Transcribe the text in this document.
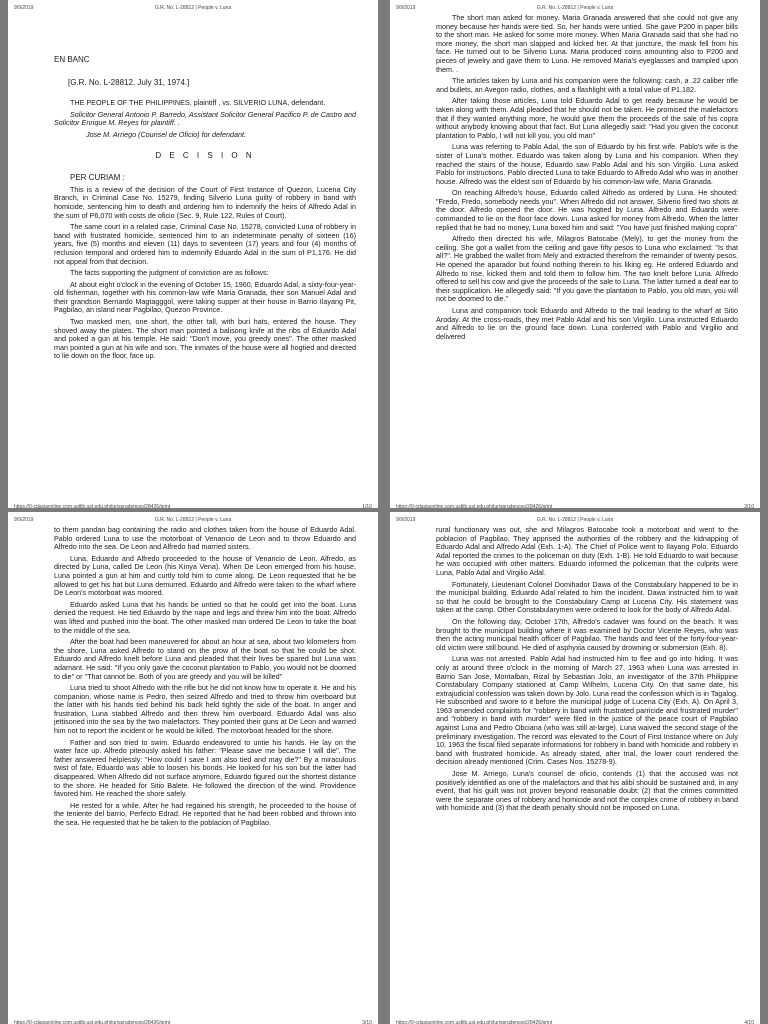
9/9/2019	G.R. No. L-28812 | People v. Luna
EN BANC
[G.R. No. L-28812. July 31, 1974.]

THE PEOPLE OF THE PHILIPPINES, plaintiff , vs. SILVERIO LUNA, defendant.

Solicitor General Antonio P. Barredo, Assistant Solicitor General Pacifico P. de Castro and Solicitor Enrique M. Reyes for plaintiff. .

Jose M. Arriego (Counsel de Oficio) for defendant.

D E C I S I O N

PER CURIAM :

This is a review of the decision of the Court of First Instance of Quezon, Lucena City Branch, in Criminal Case No. 15279, finding Silverio Luna guilty of robbery in band with homicide, sentencing him to death and ordering him to indemnify the heirs of Alfredo Adal in the sum of P6,070 with costs de oficio (Sec. 9, Rule 122, Rules of Court).

The same court in a related case, Criminal Case No. 15278, convicted Luna of robbery in band with frustrated homicide, sentenced him to an indeterminate penalty of sixteen (16) years, five (5) months and eleven (11) days to seventeen (17) years and four (4) months of reclusion temporal and ordered him to indemnify Eduardo Adal in the sum of P1,176. He did not appeal from that decision.

The facts supporting the judgment of conviction are as follows:

At about eight o'clock in the evening of October 15, 1960, Eduardo Adal, a sixty-four-year-old fisherman, together with his common-law wife Maria Granada, their son Manuel Adal and their grandson Bernardo Magtagggol, were taking supper at their house in Barrio Ilayang Pit, Pagbilao, an island near Pagbilao, Quezon Province.

Two masked men, one short, the other tall, with buri hats, entered the house. They shoved away the plates. The short man pointed a balisong knife at the ribs of Eduardo Adal and poked a gun at his temple. He said: "Don't move, you greedy ones". The other masked man pointed a gun at his wife and son. The inmates of the house were all hogtied and directed to lie down on the floor, face up.

https://0-cdasiaonline.com.ustlib.ust.edu.ph/jurisprudences/28426/print	1/10
9/9/2019	G.R. No. L-28812 | People v. Luna

The short man asked for money. Maria Granada answered that she could not give any money because her hands were tied. So, her hands were untied. She gave P200 in paper bills to the short man. He asked for some more money. When Maria Granada said that she had no more money, the short man slapped and kicked her. At that juncture, the mask fell from his face. He turned out to be Silverio Luna. Maria produced coins amounting also to P200 and pieces of jewelry and gave them to Luna. He removed Maria's eyeglasses and trampled upon them. .

The articles taken by Luna and his companion were the following: cash, a .22 caliber rifle and bullets, an Avegon radio, clothes, and a flashlight with a total value of P1,182.

After taking those articles, Luna told Eduardo Adal to get ready because he would be taken along with them. Adal pleaded that he should not be taken. He promised the malefactors that if they wanted anything more, he would give them the proceeds of the sale of his copra without anybody knowing about that fact. But Luna allegedly said: "Had you given the coconut plantation to Pablo, I will not kill you, you old man"

Luna was referring to Pablo Adal, the son of Eduardo by his first wife. Pablo's wife is the sister of Luna's mother. Eduardo was taken along by Luna and his companion. When they reached the stairs of the house, Eduardo saw Pablo Adal and his son Virgilio. Luna asked Pablo for instructions. Pablo directed Luna to take Eduardo to Alfredo Adal who was in another house. Alfredo was the eldest son of Eduardo by his common-law wife, Maria Granada.

On reaching Alfredo's house, Eduardo called Alfredo as ordered by Luna. He shouted: "Fredo, Fredo, somebody needs you". When Alfredo did not answer, Silverio fired two shots at the door. Alfredo opened the door. He was hogtied by Luna. Alfredo and Eduardo were commanded to lie on the floor face down. Luna asked for money from Alfredo. When the latter replied that he had no money, Luna boxed him and said: "You have just finished making copra"

Alfredo then directed his wife, Milagros Batocabe (Mely), to get the money from the ceiling. She got a wallet from the ceiling and gave fifty pesos to Luna who exclaimed: "Is that all?". He grabbed the wallet from Mely and extracted therefrom the remainder of twenty pesos. He opened the aparador but found nothing therein to his liking eg. He ordered Eduardo and Alfredo to rise, kicked them and told them to follow him. The two knelt before Luna. Alfredo offered to sell his cow and give the proceeds of the sale to Luna. The latter turned a deaf ear to their supplication. He allegedly said: "If you gave the plantation to Pablo, you old man, you will not be doomed to die."

Luna and companion took Eduardo and Alfredo to the trail leading to the wharf at Sitio Aroday. At the cross-roads, they met Pablo Adal and his son Virgilio. Luna instructed Eduardo and Alfredo to lie on the ground face down. Luna conferred with Pablo and Virgilio and delivered

https://0-cdasiaonline.com.ustlib.ust.edu.ph/jurisprudences/28426/print	2/10
9/9/2019	G.R. No. L-28812 | People v. Luna

to them pandan bag containing the radio and clothes taken from the house of Eduardo Adal. Pablo ordered Luna to use the motorboat of Venancio de Leon and to throw Eduardo and Alfredo into the sea. De Leon and Alfredo had married sisters.

Luna, Eduardo and Alfredo proceeded to the house of Venancio de Leon. Alfredo, as directed by Luna, called De Leon (his Kinya Vena). When De Leon emerged from his house, Luna pointed a gun at him and curtly told him to come along. De Leon requested that he be allowed to get his hat but Luna demurred. Eduardo and Alfredo were taken to the wharf where De Leon's motorboat was moored.

Eduardo asked Luna that his hands be untied so that he could get into the boat. Luna denied the request. He tied Eduardo by the nape and legs and threw him into the boat. Alfredo was lifted and pushed into the boat. The other masked man ordered De Leon to take the boat to the middle of the sea.

After the boat had been maneuvered for about an hour at sea, about two kilometers from the shore, Luna asked Alfredo to stand on the prow of the boat so that he could be shot. Eduardo and Alfredo knelt before Luna and pleaded that their lives be spared but Luna was adamant. He said: "If you only gave the coconut plantation to Pablo, you would not be doomed to die" or "That cannot be. Both of you are greedy and you will be killed"

Luna tried to shoot Alfredo with the rifle but he did not know how to operate it. He and his companion, whose name is Pedro, then seized Alfredo and tried to throw him overboard but the latter with his hands tied behind his back held tightly the side of the boat. In anger and frustration, Luna stabbed Alfredo and then threw him overboard. Eduardo Adal was also jettisoned into the sea by the two malefactors. They pointed their guns at De Leon and warned him not to report the incident or he would be killed. The motorboat headed for the shore.

Father and son tried to swim. Eduardo endeavored to untie his hands. He lay on the water face up. Alfredo piteously asked his father: "Please save me because I will die". The father answered helplessly: "How could I save I am also tied and may die?" By a miraculous twist of fate, Eduardo was able to loosen his bonds. He looked for his son but the latter had disappeared. When Alfredo did not surface anymore, Eduardo figured out the shortest distance to the shore. He headed for Sitio Balete. He followed the direction of the wind. Providence favored him. He reached the shore safely.

He rested for a while. After he had regained his strength, he proceeded to the house of the teniente del barrio, Perfecto Edrad. He reported that he had been robbed and thrown into the sea. He requested that he be taken to the poblacion of Pagbilao.

https://0-cdasiaonline.com.ustlib.ust.edu.ph/jurisprudences/28426/print	3/10
9/9/2019	G.R. No. L-28812 | People v. Luna

rural functionary was out, she and Milagros Batocabe took a motorboat and went to the poblacion of Pagbilao. They apprised the authorities of the robbery and the kidnapping of Eduardo Adal and Alfredo Adal (Exh. 1-A). The Chief of Police went to Ilayang Polo. Eduardo Adal reported the crimes to the policeman on duty (Exh. 1-B). He told Eduardo to wait because he was occupied with other matters. Eduardo informed the policeman that the culprits were Luna, Pablo Adal and Virgilio Adal.

Fortunately, Lieutenant Colonel Domihador Dawa of the Constabulary happened to be in the municipal building. Eduardo Adal related to him the incident. Dawa instructed him to wait so that he could be brought to the Constabulary Camp at Lucena City. His statement was taken at the camp. Other Constabularymen were ordered to look for the body of Alfredo Adal.

On the following day, October 17th, Alfredo's cadaver was found on the beach. It was brought to the municipal building where it was examined by Doctor Vicente Reyes, who was then the acting municipal health officer of Pagbilao. The hands and feet of the forty-four-year-old victim were still bound. He died of asphyxia caused by drowning or submersion (Exh. 8).

Luna was not arrested. Pablo Adal had instructed him to flee and go into hiding. It was only at around three o'clock in the morning of March 27, 1963 when Luna was arrested in Barrio San Jose, Montalban, Rizal by Sebastian Jolo, an investigator of the 37th Philippine Constabulary Company stationed at Camp Wilhelm, Lucena City. On that same date, his extrajudicial confession was taken down by Jolo. Luna read the confession which is in Tagalog. He subscribed and swore to it before the municipal judge of Lucena City (Exh. A). On April 3, 1963 amended complaints for "robbery in band with frustrated parricide and frustrated murder" and "robbery in band with murder" were filed in the justice of the peace court of Pagbilao against Luna and Pedro Obciana (who was still at-large). Luna waived the second stage of the preliminary investigation. The record was elevated to the Court of First Instance where on July 10, 1963 the fiscal filed separate informations for robbery in band with homicide and robbery in band with frustrated homicide. As already stated, after trial, the lower court rendered the decision already mentioned (Crim. Cases Nos. 15278-9).

Jose M. Arriego, Luna's counsel de oficio, contends (1) that the accused was not positively identified as one of the malefactors and that his alibi should be sustained and, in any event, that his guilt was not proven beyond reasonable doubt; (2) that the crimes committed were the separate ones of robbery and homicide and not the complex crime of robbery in band with homicide and (3) that the death penalty should not be imposed on Luna.

https://0-cdasiaonline.com.ustlib.ust.edu.ph/jurisprudences/28426/print	4/10
